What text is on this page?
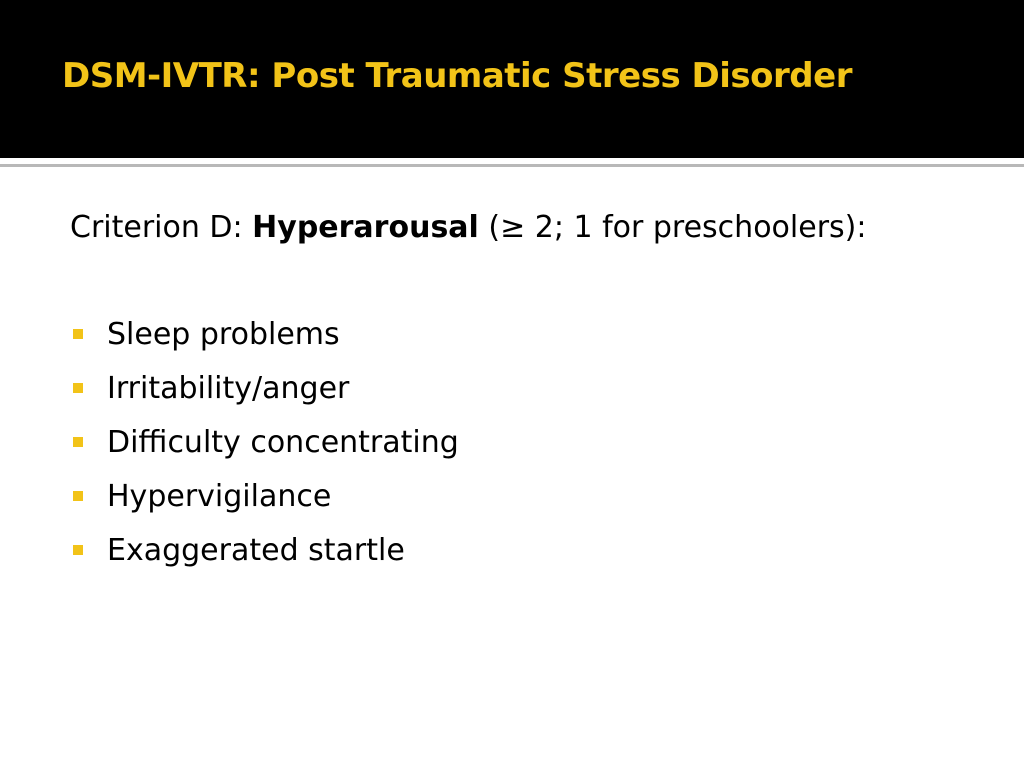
DSM-IVTR: Post Traumatic Stress Disorder

Criterion D: Hyperarousal (≥ 2; 1 for preschoolers):

Sleep problems
Irritability/anger
Difficulty concentrating
Hypervigilance
Exaggerated startle
